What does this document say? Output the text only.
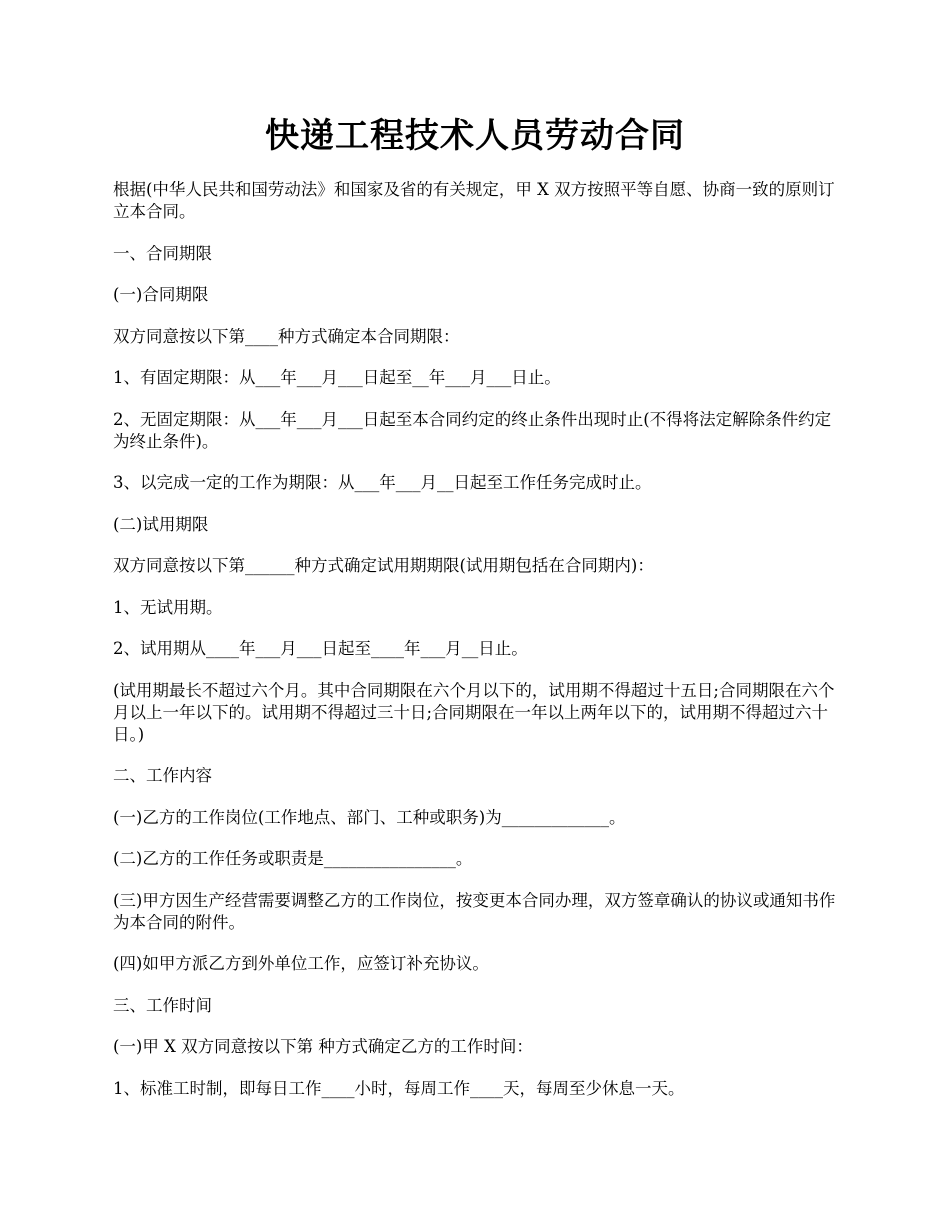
快递工程技术人员劳动合同

根据(中华人民共和国劳动法》和国家及省的有关规定，甲 X 双方按照平等自愿、协商一致的原则订立本合同。

一、合同期限

(一)合同期限

双方同意按以下第____种方式确定本合同期限：

1、有固定期限：从___年___月___日起至__年___月___日止。

2、无固定期限：从___年___月___日起至本合同约定的终止条件出现时止(不得将法定解除条件约定为终止条件)。

3、以完成一定的工作为期限：从___年___月__日起至工作任务完成时止。

(二)试用期限

双方同意按以下第______种方式确定试用期期限(试用期包括在合同期内)：

1、无试用期。

2、试用期从____年___月___日起至____年___月__日止。

(试用期最长不超过六个月。其中合同期限在六个月以下的，试用期不得超过十五日;合同期限在六个月以上一年以下的。试用期不得超过三十日;合同期限在一年以上两年以下的，试用期不得超过六十日。)

二、工作内容

(一)乙方的工作岗位(工作地点、部门、工种或职务)为_____________。

(二)乙方的工作任务或职责是________________。

(三)甲方因生产经营需要调整乙方的工作岗位，按变更本合同办理，双方签章确认的协议或通知书作为本合同的附件。

(四)如甲方派乙方到外单位工作，应签订补充协议。

三、工作时间

(一)甲 X 双方同意按以下第 种方式确定乙方的工作时间：

1、标准工时制，即每日工作____小时，每周工作____天，每周至少休息一天。
